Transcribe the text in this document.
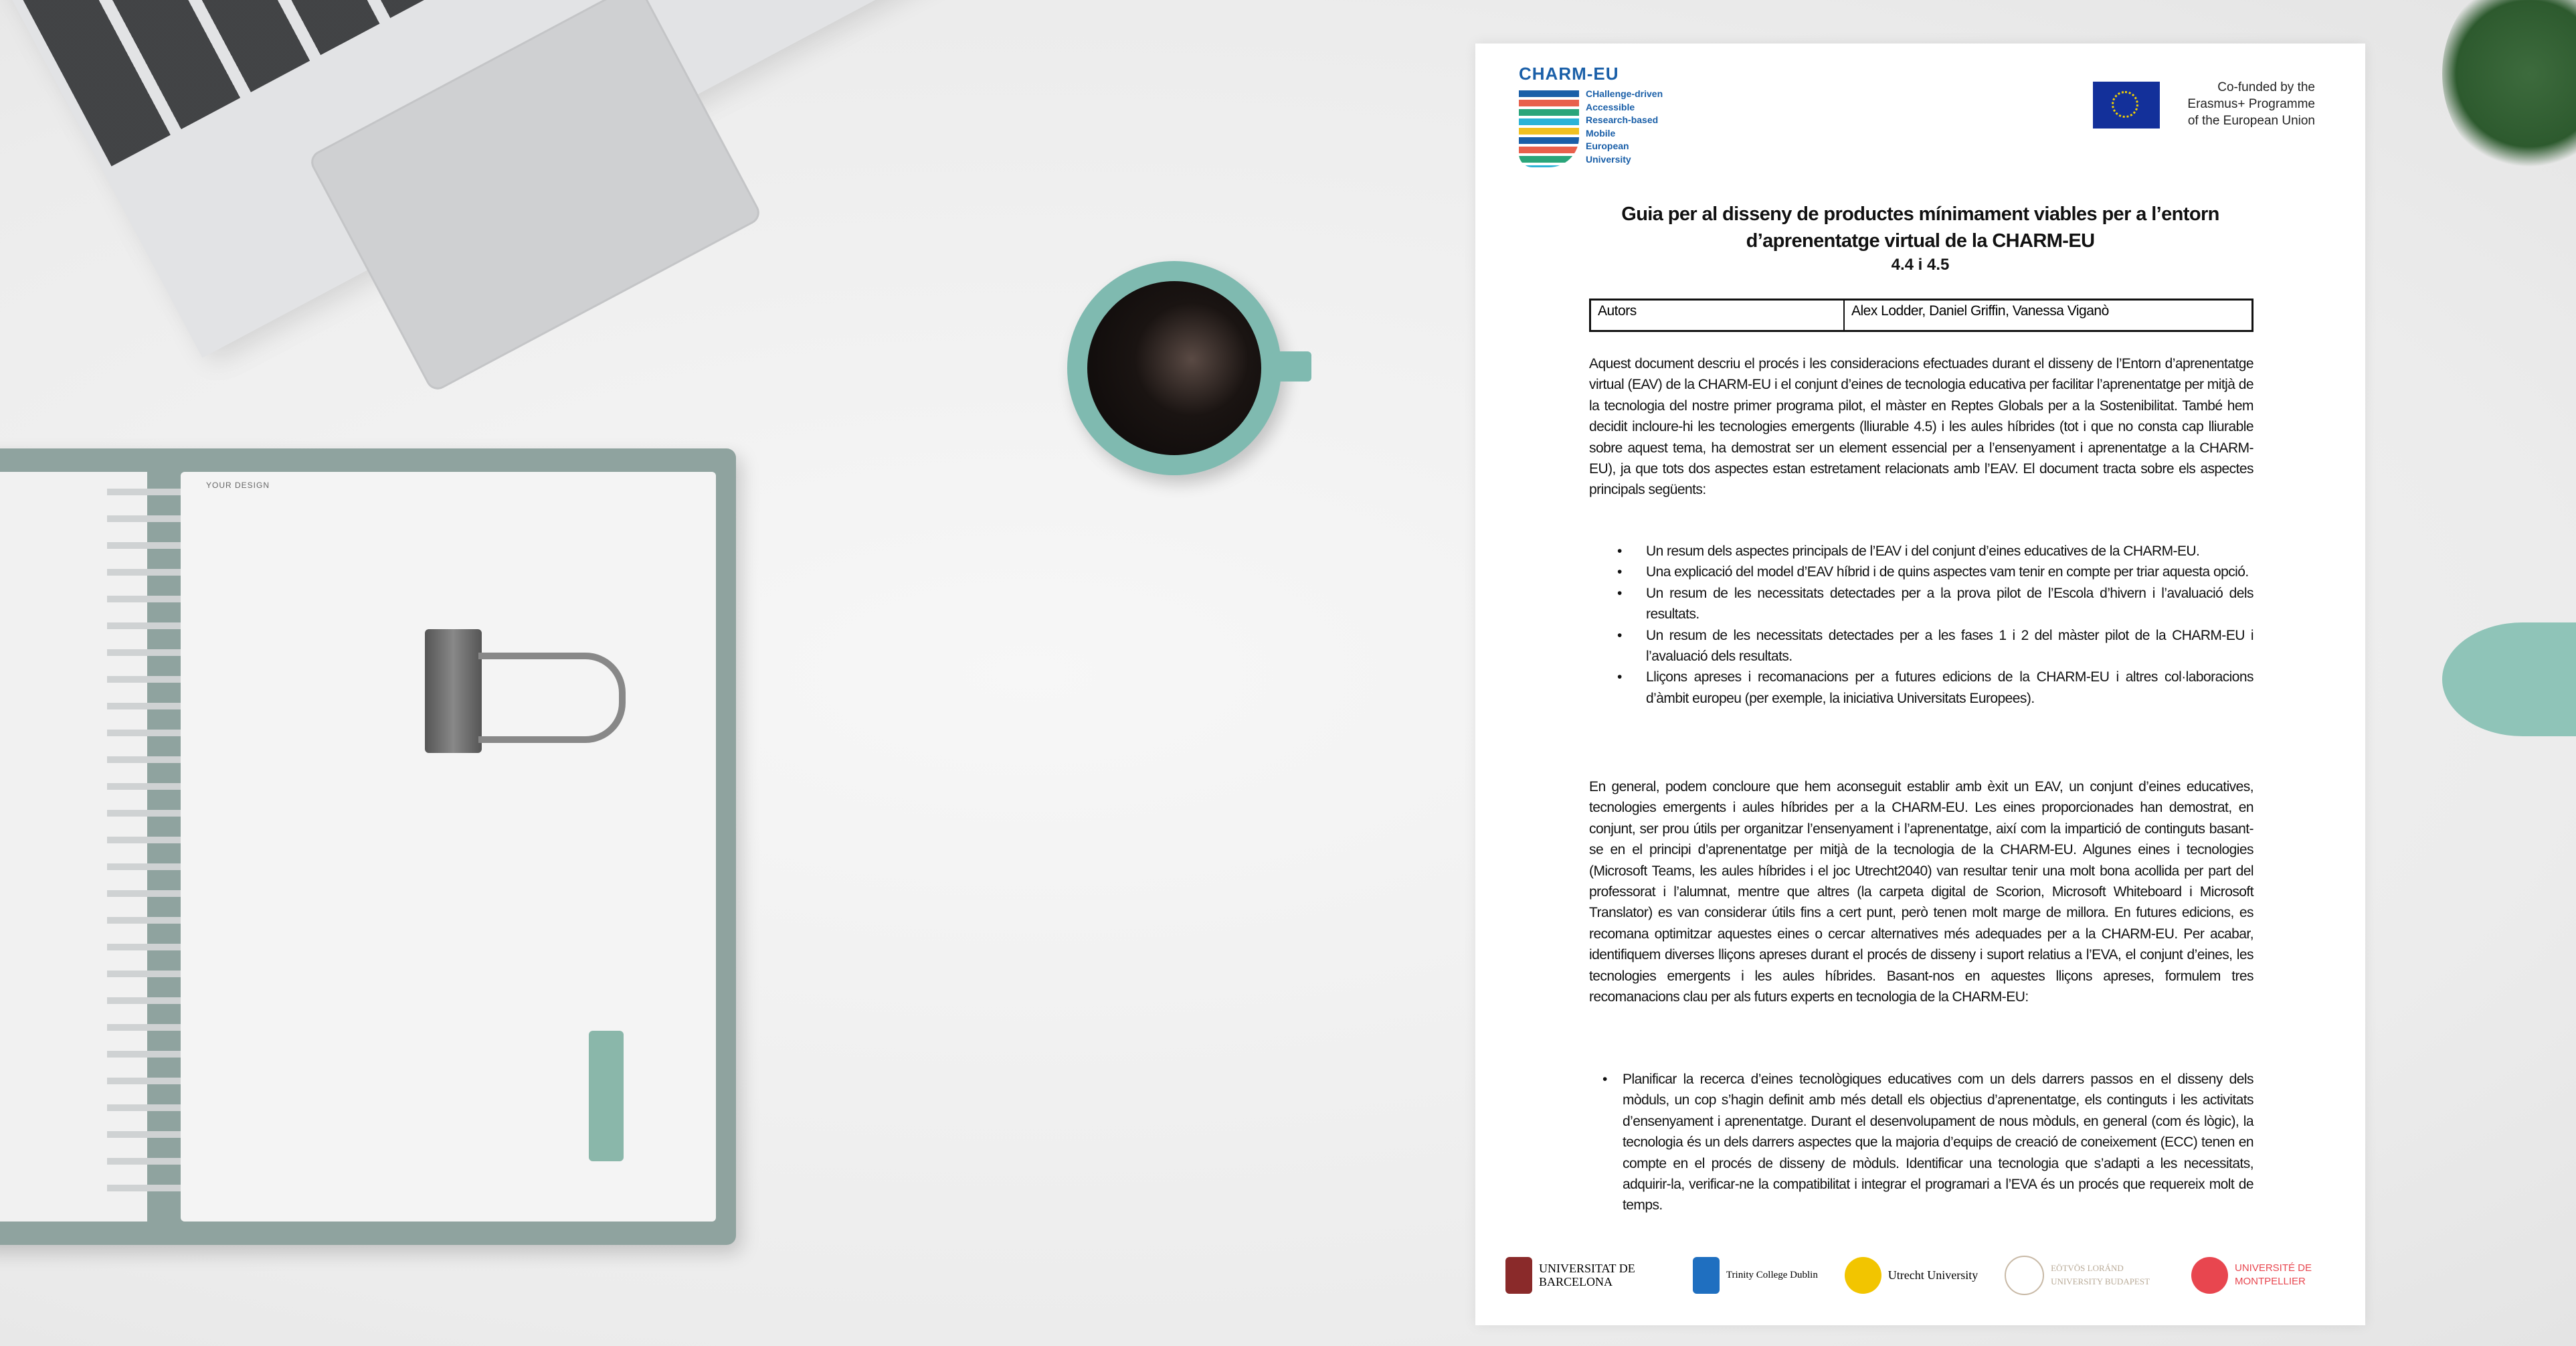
YOUR DESIGN
CHARM-EU
CHallenge-driven
Accessible
Research-based
Mobile
European
University
Co-funded by the
Erasmus+ Programme
of the European Union
Guia per al disseny de productes mínimament viables per a l’entorn
d’aprenentatge virtual de la CHARM-EU
4.4 i 4.5
Autors	Alex Lodder, Daniel Griffin, Vanessa Viganò
Aquest document descriu el procés i les consideracions efectuades durant el disseny de l’Entorn d’aprenentatge virtual (EAV) de la CHARM-EU i el conjunt d’eines de tecnologia educativa per facilitar l’aprenentatge per mitjà de la tecnologia del nostre primer programa pilot, el màster en Reptes Globals per a la Sostenibilitat. També hem decidit incloure-hi les tecnologies emergents (lliurable 4.5) i les aules híbrides (tot i que no consta cap lliurable sobre aquest tema, ha demostrat ser un element essencial per a l’ensenyament i aprenentatge a la CHARM-EU), ja que tots dos aspectes estan estretament relacionats amb l’EAV. El document tracta sobre els aspectes principals següents:
• Un resum dels aspectes principals de l’EAV i del conjunt d’eines educatives de la CHARM-EU.
• Una explicació del model d’EAV híbrid i de quins aspectes vam tenir en compte per triar aquesta opció.
• Un resum de les necessitats detectades per a la prova pilot de l’Escola d’hivern i l’avaluació dels resultats.
• Un resum de les necessitats detectades per a les fases 1 i 2 del màster pilot de la CHARM-EU i l’avaluació dels resultats.
• Lliçons apreses i recomanacions per a futures edicions de la CHARM-EU i altres col·laboracions d’àmbit europeu (per exemple, la iniciativa Universitats Europees).
En general, podem concloure que hem aconseguit establir amb èxit un EAV, un conjunt d’eines educatives, tecnologies emergents i aules híbrides per a la CHARM-EU. Les eines proporcionades han demostrat, en conjunt, ser prou útils per organitzar l’ensenyament i l’aprenentatge, així com la impartició de continguts basant-se en el principi d’aprenentatge per mitjà de la tecnologia de la CHARM-EU. Algunes eines i tecnologies (Microsoft Teams, les aules híbrides i el joc Utrecht2040) van resultar tenir una molt bona acollida per part del professorat i l’alumnat, mentre que altres (la carpeta digital de Scorion, Microsoft Whiteboard i Microsoft Translator) es van considerar útils fins a cert punt, però tenen molt marge de millora. En futures edicions, es recomana optimitzar aquestes eines o cercar alternatives més adequades per a la CHARM-EU. Per acabar, identifiquem diverses lliçons apreses durant el procés de disseny i suport relatius a l’EVA, el conjunt d’eines, les tecnologies emergents i les aules híbrides. Basant-nos en aquestes lliçons apreses, formulem tres recomanacions clau per als futurs experts en tecnologia de la CHARM-EU:
• Planificar la recerca d’eines tecnològiques educatives com un dels darrers passos en el disseny dels mòduls, un cop s’hagin definit amb més detall els objectius d’aprenentatge, els continguts i les activitats d’ensenyament i aprenentatge. Durant el desenvolupament de nous mòduls, en general (com és lògic), la tecnologia és un dels darrers aspectes que la majoria d’equips de creació de coneixement (ECC) tenen en compte en el procés de disseny de mòduls. Identificar una tecnologia que s’adapti a les necessitats, adquirir-la, verificar-ne la compatibilitat i integrar el programari a l’EVA és un procés que requereix molt de temps.
UNIVERSITAT DE BARCELONA	Trinity College Dublin	Utrecht University
EÖTVÖS LORÁND UNIVERSITY BUDAPEST
UNIVERSITÉ DE MONTPELLIER
